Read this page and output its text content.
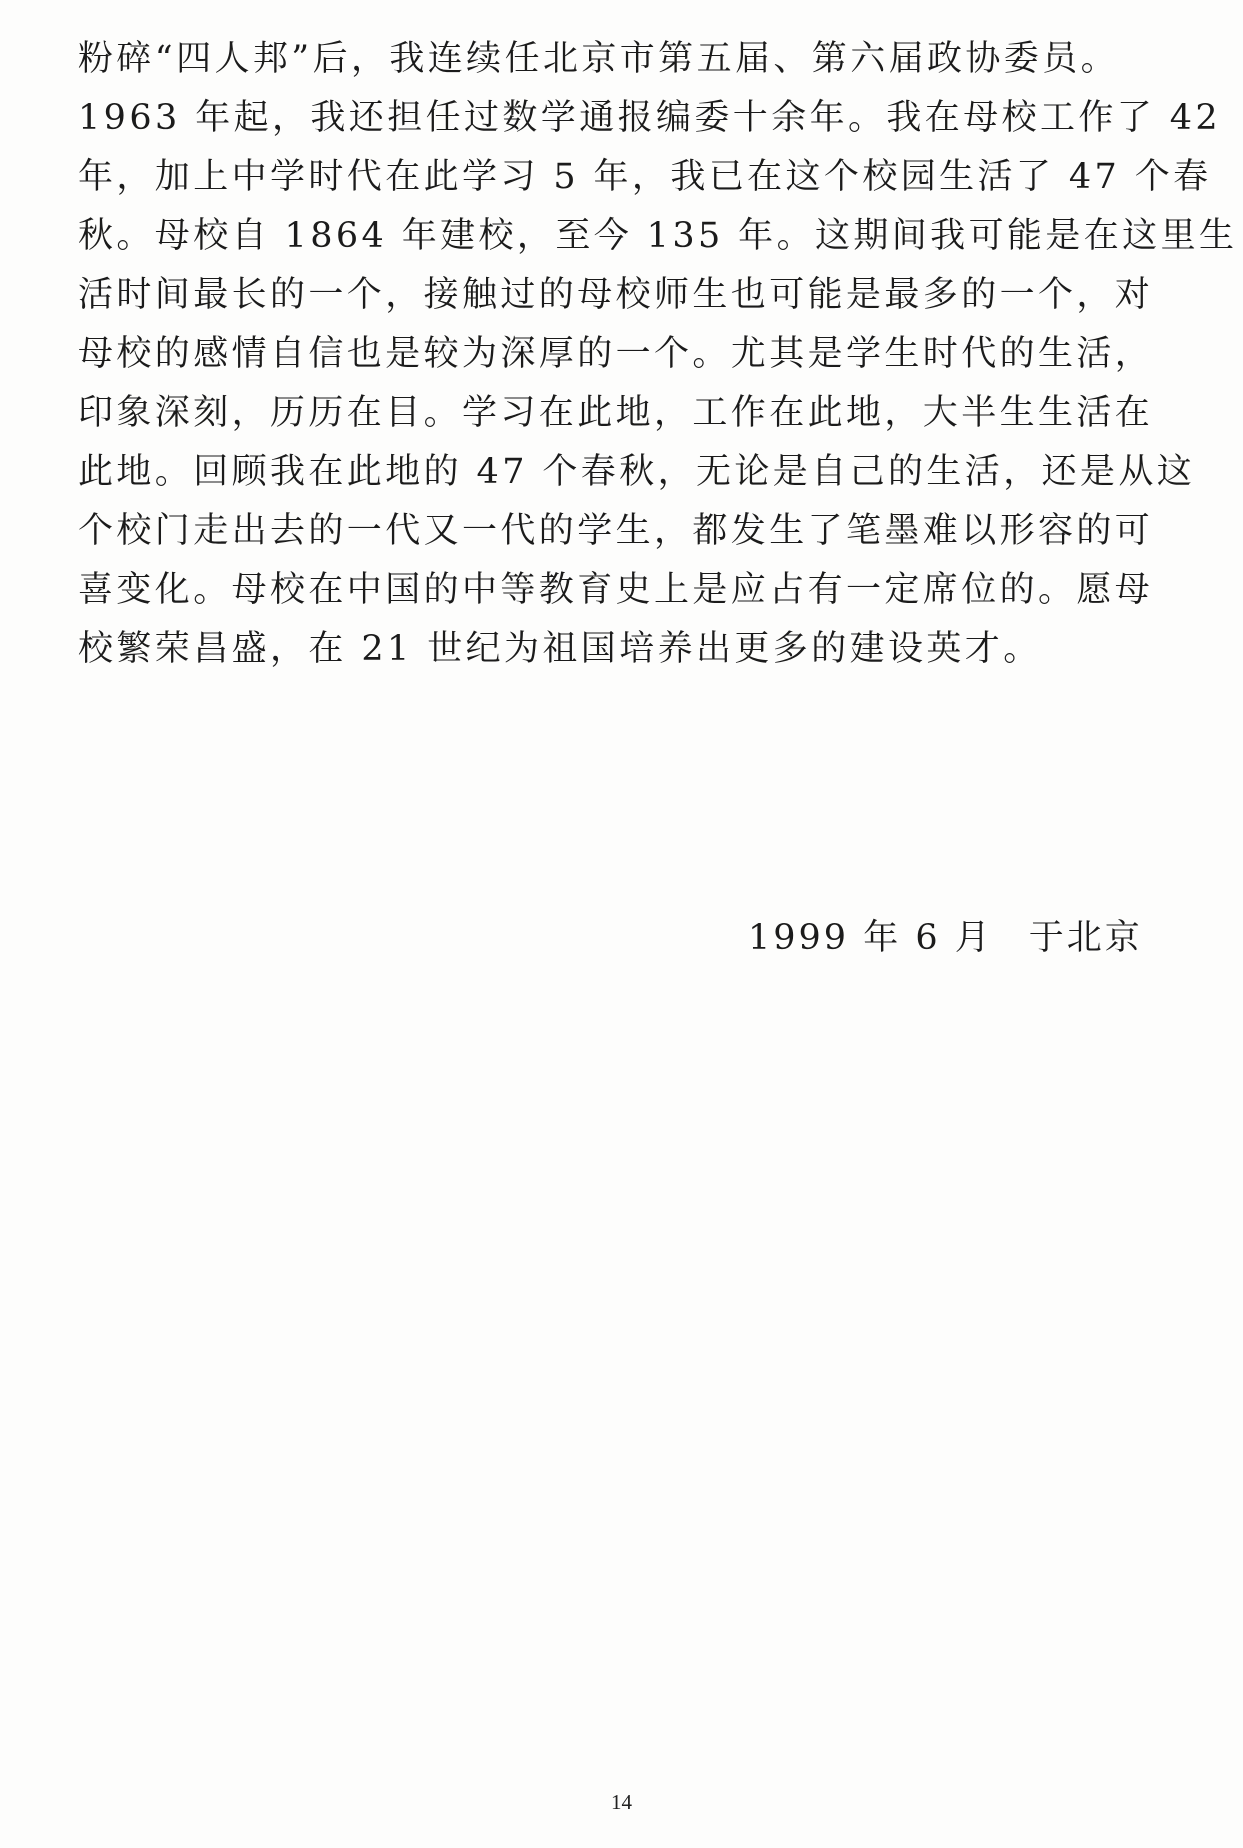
粉碎“四人邦”后，我连续任北京市第五届、第六届政协委员。
1963 年起，我还担任过数学通报编委十余年。我在母校工作了 42
年，加上中学时代在此学习 5 年，我已在这个校园生活了 47 个春
秋。母校自 1864 年建校，至今 135 年。这期间我可能是在这里生
活时间最长的一个，接触过的母校师生也可能是最多的一个，对
母校的感情自信也是较为深厚的一个。尤其是学生时代的生活，
印象深刻，历历在目。学习在此地，工作在此地，大半生生活在
此地。回顾我在此地的 47 个春秋，无论是自己的生活，还是从这
个校门走出去的一代又一代的学生，都发生了笔墨难以形容的可
喜变化。母校在中国的中等教育史上是应占有一定席位的。愿母
校繁荣昌盛，在 21 世纪为祖国培养出更多的建设英才。
1999 年 6 月 于北京
14
